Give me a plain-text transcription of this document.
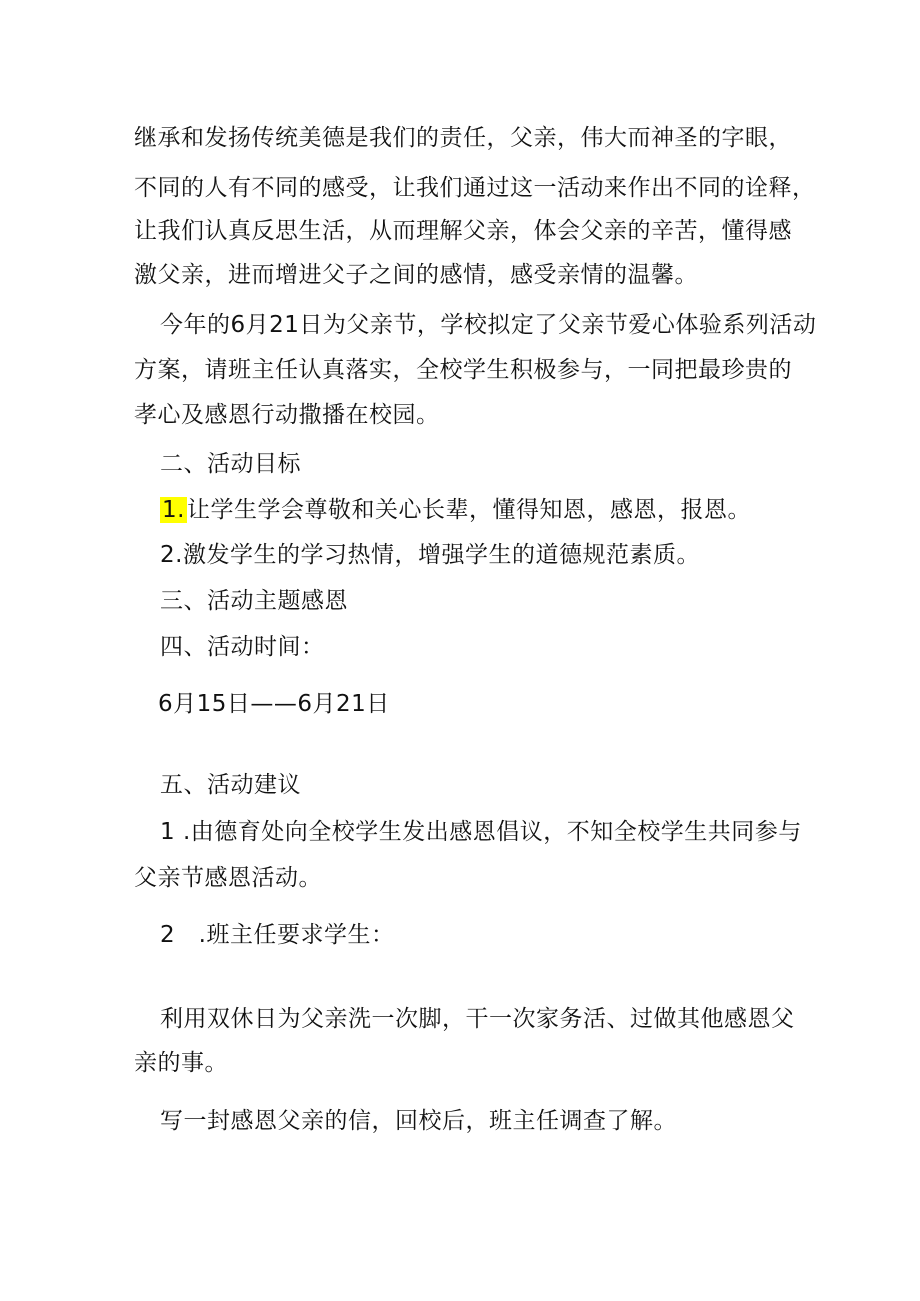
继承和发扬传统美德是我们的责任，父亲，伟大而神圣的字眼，
不同的人有不同的感受，让我们通过这一活动来作出不同的诠释，
让我们认真反思生活，从而理解父亲，体会父亲的辛苦，懂得感
激父亲，进而增进父子之间的感情，感受亲情的温馨。
今年的6月21日为父亲节，学校拟定了父亲节爱心体验系列活动
方案，请班主任认真落实，全校学生积极参与，一同把最珍贵的
孝心及感恩行动撒播在校园。
二、活动目标
1.让学生学会尊敬和关心长辈，懂得知恩，感恩，报恩。
2.激发学生的学习热情，增强学生的道德规范素质。
三、活动主题感恩
四、活动时间：
6月15日——6月21日
五、活动建议
1 .由德育处向全校学生发出感恩倡议，不知全校学生共同参与
父亲节感恩活动。
2　.班主任要求学生：
利用双休日为父亲洗一次脚，干一次家务活、过做其他感恩父
亲的事。
写一封感恩父亲的信，回校后，班主任调查了解。
